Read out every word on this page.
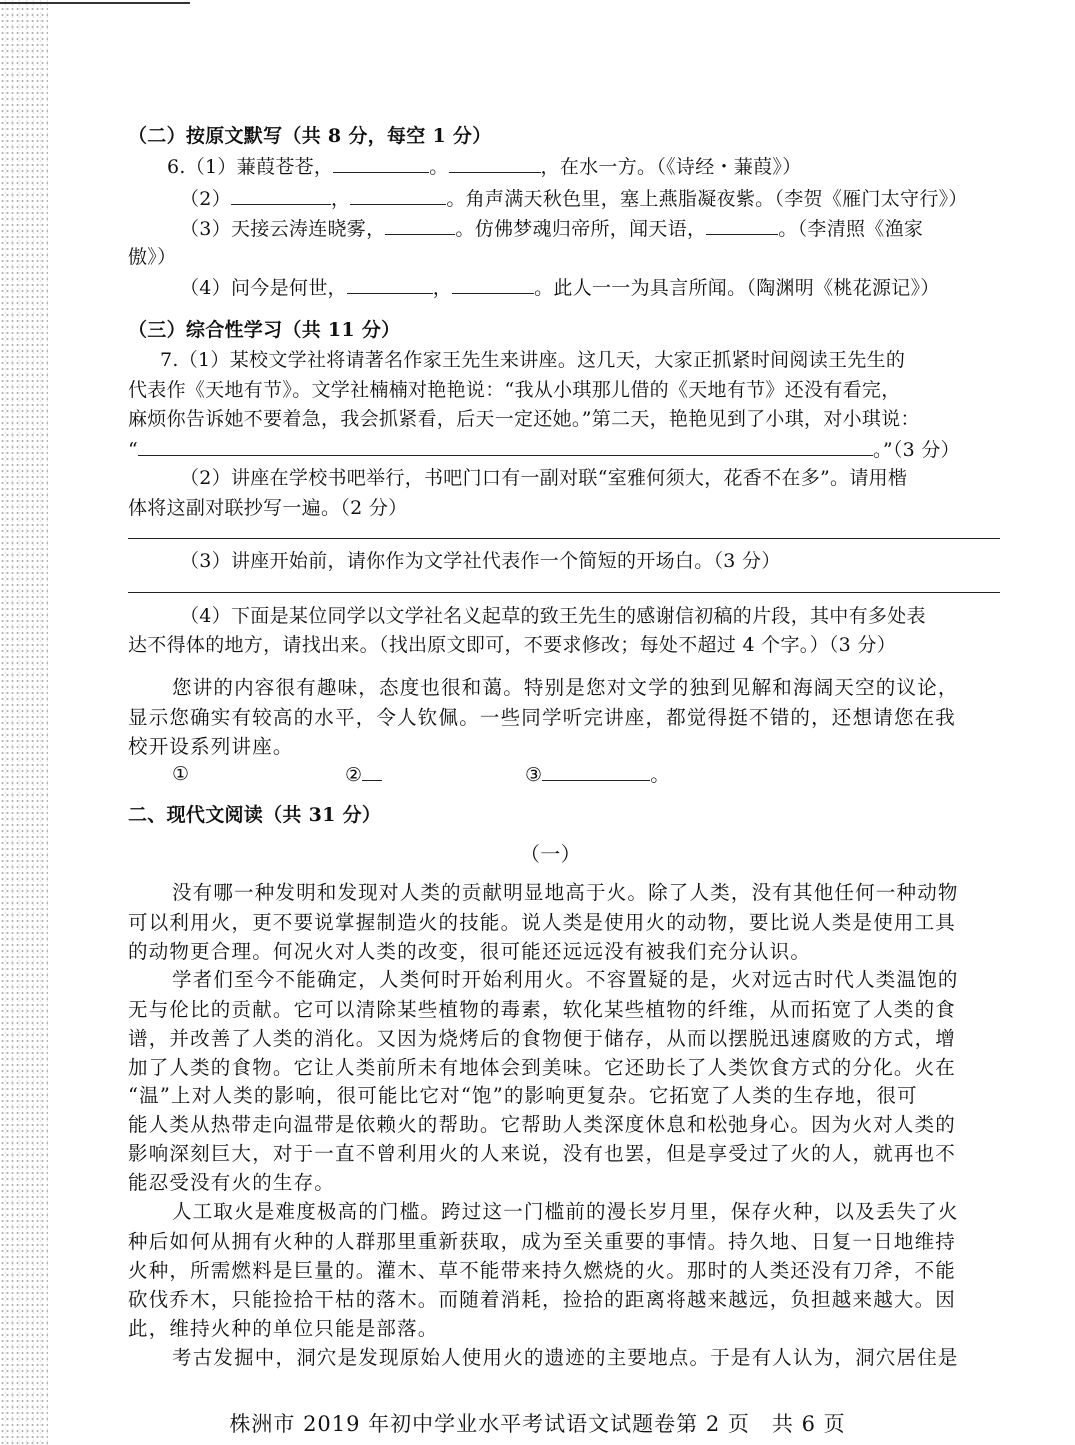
（二）按原文默写（共 8 分，每空 1 分）
6.（1）蒹葭苍苍，	。	，在水一方。（《诗经・蒹葭》）
（2）	，	。角声满天秋色里，塞上燕脂凝夜紫。（李贺《雁门太守行》）
（3）天接云涛连晓雾，	。仿佛梦魂归帝所，闻天语，	。（李清照《渔家
傲》）
（4）问今是何世，	，	。此人一一为具言所闻。（陶渊明《桃花源记》）
（三）综合性学习（共 11 分）
7.（1）某校文学社将请著名作家王先生来讲座。这几天，大家正抓紧时间阅读王先生的
代表作《天地有节》。文学社楠楠对艳艳说：“我从小琪那儿借的《天地有节》还没有看完，
麻烦你告诉她不要着急，我会抓紧看，后天一定还她。”第二天，艳艳见到了小琪，对小琪说：
“	。”（3 分）
（2）讲座在学校书吧举行，书吧门口有一副对联“室雅何须大，花香不在多”。请用楷
体将这副对联抄写一遍。（2 分）
（3）讲座开始前，请你作为文学社代表作一个简短的开场白。（3 分）
（4）下面是某位同学以文学社名义起草的致王先生的感谢信初稿的片段，其中有多处表
达不得体的地方，请找出来。（找出原文即可，不要求修改；每处不超过 4 个字。）（3 分）
您讲的内容很有趣味，态度也很和蔼。特别是您对文学的独到见解和海阔天空的议论，
显示您确实有较高的水平，令人钦佩。一些同学听完讲座，都觉得挺不错的，还想请您在我
校开设系列讲座。
①	②	③	。
二、现代文阅读（共 31 分）
（一）
没有哪一种发明和发现对人类的贡献明显地高于火。除了人类，没有其他任何一种动物
可以利用火，更不要说掌握制造火的技能。说人类是使用火的动物，要比说人类是使用工具
的动物更合理。何况火对人类的改变，很可能还远远没有被我们充分认识。
学者们至今不能确定，人类何时开始利用火。不容置疑的是，火对远古时代人类温饱的
无与伦比的贡献。它可以清除某些植物的毒素，软化某些植物的纤维，从而拓宽了人类的食
谱，并改善了人类的消化。又因为烧烤后的食物便于储存，从而以摆脱迅速腐败的方式，增
加了人类的食物。它让人类前所未有地体会到美味。它还助长了人类饮食方式的分化。火在
“温”上对人类的影响，很可能比它对“饱”的影响更复杂。它拓宽了人类的生存地，很可
能人类从热带走向温带是依赖火的帮助。它帮助人类深度休息和松弛身心。因为火对人类的
影响深刻巨大，对于一直不曾利用火的人来说，没有也罢，但是享受过了火的人，就再也不
能忍受没有火的生存。
人工取火是难度极高的门槛。跨过这一门槛前的漫长岁月里，保存火种，以及丢失了火
种后如何从拥有火种的人群那里重新获取，成为至关重要的事情。持久地、日复一日地维持
火种，所需燃料是巨量的。灌木、草不能带来持久燃烧的火。那时的人类还没有刀斧，不能
砍伐乔木，只能捡拾干枯的落木。而随着消耗，捡拾的距离将越来越远，负担越来越大。因
此，维持火种的单位只能是部落。
考古发掘中，洞穴是发现原始人使用火的遗迹的主要地点。于是有人认为，洞穴居住是
株洲市 2019 年初中学业水平考试语文试题卷第 2 页　共 6 页
